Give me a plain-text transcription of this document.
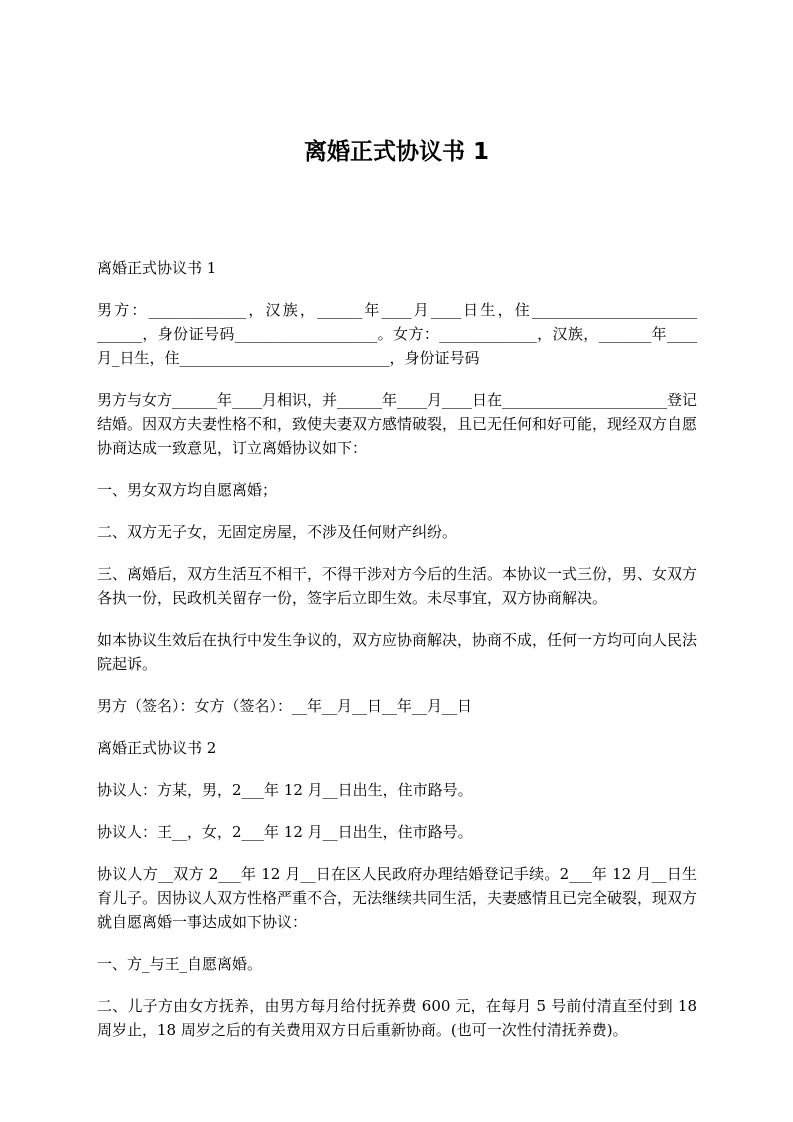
离婚正式协议书 1

离婚正式协议书 1

男方：_____________，汉族，______年____月____日生，住______________________ ______，身份证号码___________________。女方：_____________，汉族，_______年____月_日生，住____________________________，身份证号码

男方与女方______年____月相识，并______年____月____日在______________________登记结婚。因双方夫妻性格不和，致使夫妻双方感情破裂，且已无任何和好可能，现经双方自愿协商达成一致意见，订立离婚协议如下：

一、男女双方均自愿离婚；

二、双方无子女，无固定房屋，不涉及任何财产纠纷。

三、离婚后，双方生活互不相干，不得干涉对方今后的生活。本协议一式三份，男、女双方各执一份，民政机关留存一份，签字后立即生效。未尽事宜，双方协商解决。

如本协议生效后在执行中发生争议的，双方应协商解决，协商不成，任何一方均可向人民法院起诉。

男方（签名）：女方（签名）：__年__月__日__年__月__日

离婚正式协议书 2

协议人：方某，男，2___年 12 月__日出生，住市路号。

协议人：王__，女，2___年 12 月__日出生，住市路号。

协议人方__双方 2___年 12 月__日在区人民政府办理结婚登记手续。2___年 12 月__日生育儿子。因协议人双方性格严重不合，无法继续共同生活，夫妻感情且已完全破裂，现双方就自愿离婚一事达成如下协议：

一、方_与王_自愿离婚。

二、儿子方由女方抚养，由男方每月给付抚养费 600 元，在每月 5 号前付清直至付到 18 周岁止，18 周岁之后的有关费用双方日后重新协商。(也可一次性付清抚养费)。
